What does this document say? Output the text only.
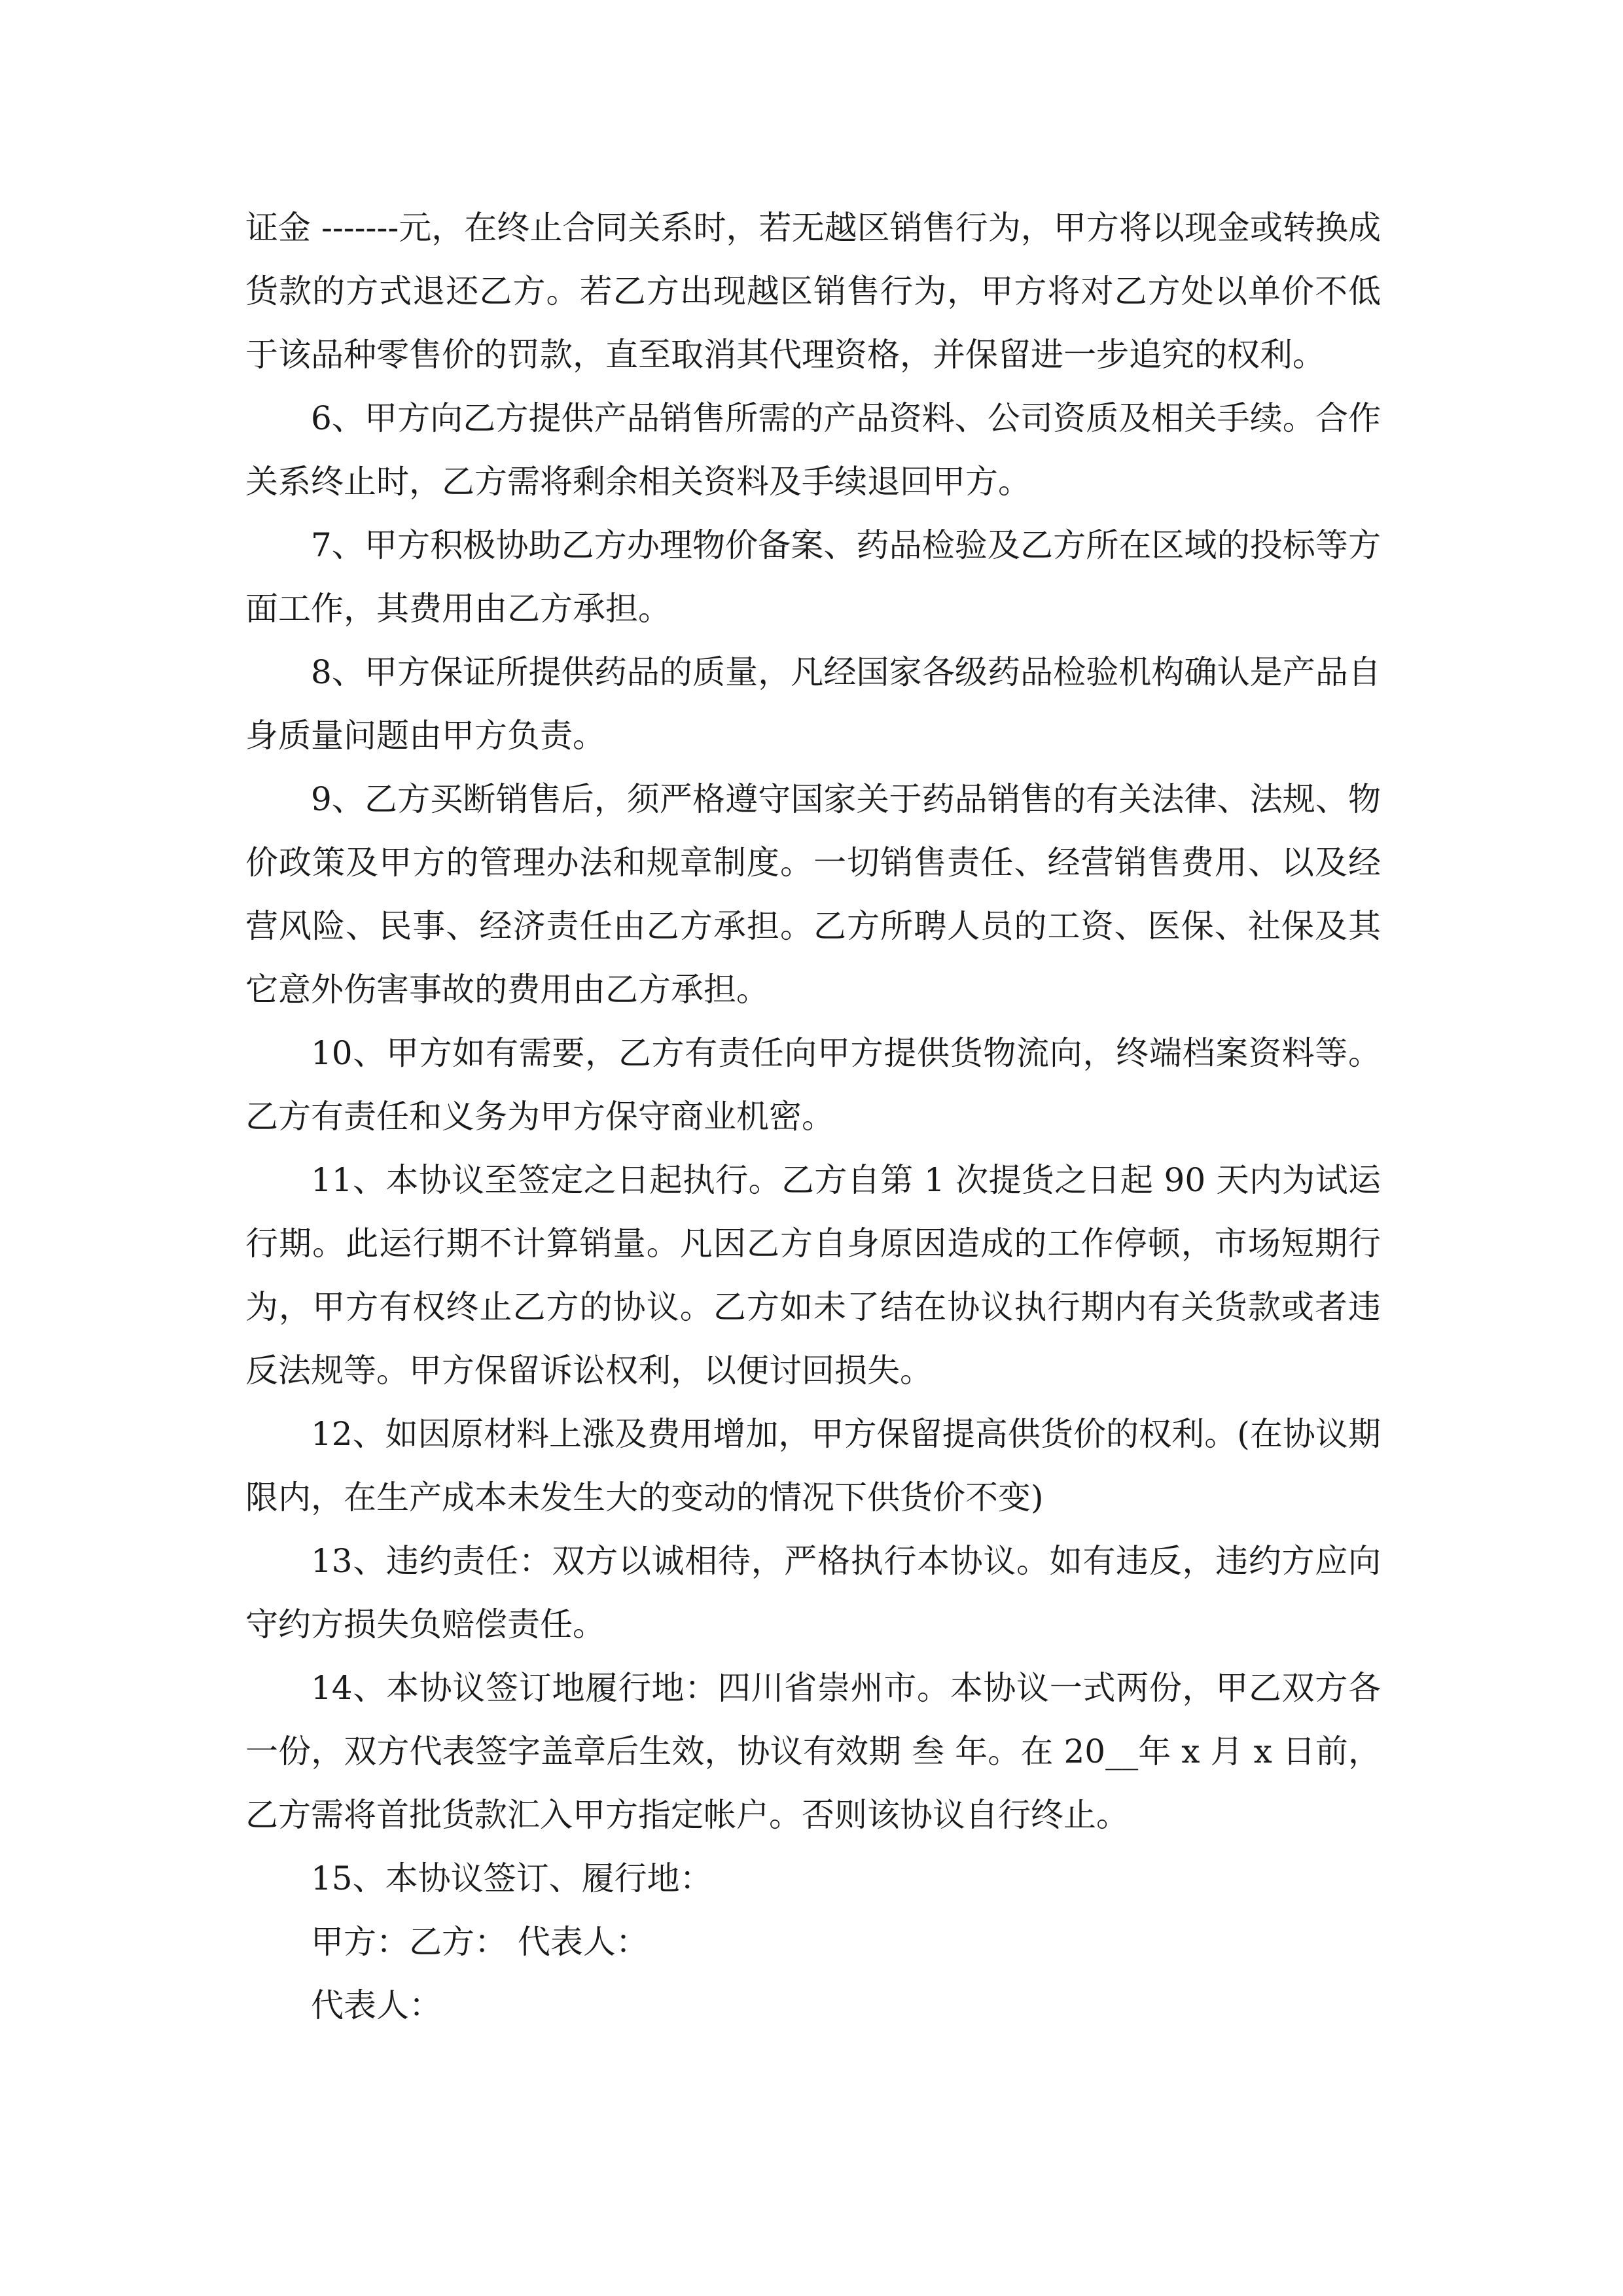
证金 -------元，在终止合同关系时，若无越区销售行为，甲方将以现金或转换成货款的方式退还乙方。若乙方出现越区销售行为，甲方将对乙方处以单价不低于该品种零售价的罚款，直至取消其代理资格，并保留进一步追究的权利。

6、甲方向乙方提供产品销售所需的产品资料、公司资质及相关手续。合作关系终止时，乙方需将剩余相关资料及手续退回甲方。

7、甲方积极协助乙方办理物价备案、药品检验及乙方所在区域的投标等方面工作，其费用由乙方承担。

8、甲方保证所提供药品的质量，凡经国家各级药品检验机构确认是产品自身质量问题由甲方负责。

9、乙方买断销售后，须严格遵守国家关于药品销售的有关法律、法规、物价政策及甲方的管理办法和规章制度。一切销售责任、经营销售费用、以及经营风险、民事、经济责任由乙方承担。乙方所聘人员的工资、医保、社保及其它意外伤害事故的费用由乙方承担。

10、甲方如有需要，乙方有责任向甲方提供货物流向，终端档案资料等。乙方有责任和义务为甲方保守商业机密。

11、本协议至签定之日起执行。乙方自第 1 次提货之日起 90 天内为试运行期。此运行期不计算销量。凡因乙方自身原因造成的工作停顿，市场短期行为，甲方有权终止乙方的协议。乙方如未了结在协议执行期内有关货款或者违反法规等。甲方保留诉讼权利，以便讨回损失。

12、如因原材料上涨及费用增加，甲方保留提高供货价的权利。(在协议期限内，在生产成本未发生大的变动的情况下供货价不变)

13、违约责任：双方以诚相待，严格执行本协议。如有违反，违约方应向守约方损失负赔偿责任。

14、本协议签订地履行地：四川省崇州市。本协议一式两份，甲乙双方各一份，双方代表签字盖章后生效，协议有效期 叁 年。在 20__年 x 月 x 日前，乙方需将首批货款汇入甲方指定帐户。否则该协议自行终止。

15、本协议签订、履行地：

甲方：乙方： 代表人：

代表人：
